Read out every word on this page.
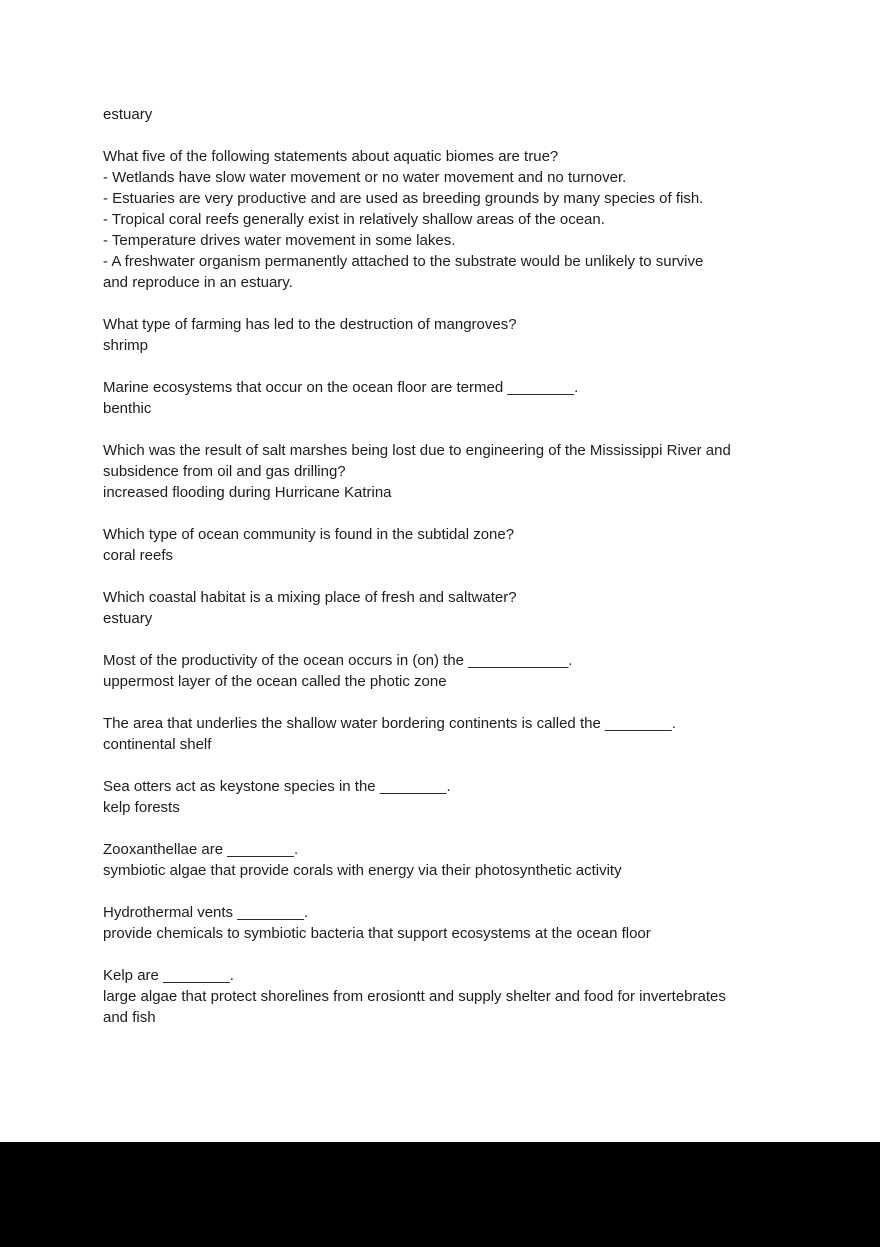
estuary
What five of the following statements about aquatic biomes are true?
- Wetlands have slow water movement or no water movement and no turnover.
- Estuaries are very productive and are used as breeding grounds by many species of fish.
- Tropical coral reefs generally exist in relatively shallow areas of the ocean.
- Temperature drives water movement in some lakes.
- A freshwater organism permanently attached to the substrate would be unlikely to survive
and reproduce in an estuary.
What type of farming has led to the destruction of mangroves?
shrimp
Marine ecosystems that occur on the ocean floor are termed ________.
benthic
Which was the result of salt marshes being lost due to engineering of the Mississippi River and
subsidence from oil and gas drilling?
increased flooding during Hurricane Katrina
Which type of ocean community is found in the subtidal zone?
coral reefs
Which coastal habitat is a mixing place of fresh and saltwater?
estuary
Most of the productivity of the ocean occurs in (on) the ____________.
uppermost layer of the ocean called the photic zone
The area that underlies the shallow water bordering continents is called the ________.
continental shelf
Sea otters act as keystone species in the ________.
kelp forests
Zooxanthellae are ________.
symbiotic algae that provide corals with energy via their photosynthetic activity
Hydrothermal vents ________.
provide chemicals to symbiotic bacteria that support ecosystems at the ocean floor
Kelp are ________.
large algae that protect shorelines from erosiontt and supply shelter and food for invertebrates
and fish
